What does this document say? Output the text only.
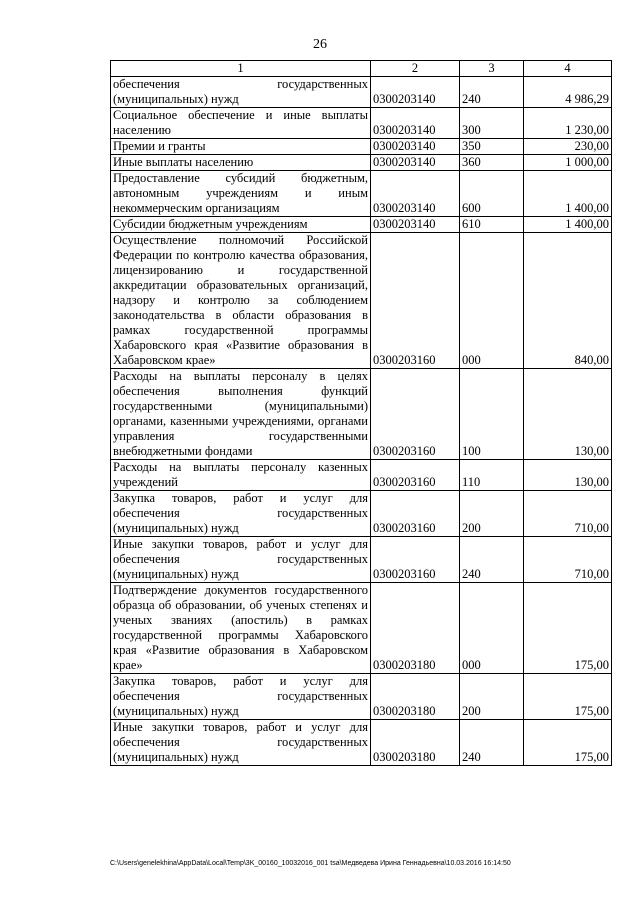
26
1	2	3	4
обеспечения государственных (муниципальных) нужд	0300203140	240	4 986,29
Социальное обеспечение и иные выплаты населению	0300203140	300	1 230,00
Премии и гранты	0300203140	350	230,00
Иные выплаты населению	0300203140	360	1 000,00
Предоставление субсидий бюджетным, автономным учреждениям и иным некоммерческим организациям	0300203140	600	1 400,00
Субсидии бюджетным учреждениям	0300203140	610	1 400,00
Осуществление полномочий Российской Федерации по контролю качества образования, лицензированию и государственной аккредитации образовательных организаций, надзору и контролю за соблюдением законодательства в области образования в рамках государственной программы Хабаровского края «Развитие образования в Хабаровском крае»	0300203160	000	840,00
Расходы на выплаты персоналу в целях обеспечения выполнения функций государственными (муниципальными) органами, казенными учреждениями, органами управления государственными внебюджетными фондами	0300203160	100	130,00
Расходы на выплаты персоналу казенных учреждений	0300203160	110	130,00
Закупка товаров, работ и услуг для обеспечения государственных (муниципальных) нужд	0300203160	200	710,00
Иные закупки товаров, работ и услуг для обеспечения государственных (муниципальных) нужд	0300203160	240	710,00
Подтверждение документов государственного образца об образовании, об ученых степенях и ученых званиях (апостиль) в рамках государственной программы Хабаровского края «Развитие образования в Хабаровском крае»	0300203180	000	175,00
Закупка товаров, работ и услуг для обеспечения государственных (муниципальных) нужд	0300203180	200	175,00
Иные закупки товаров, работ и услуг для обеспечения государственных (муниципальных) нужд	0300203180	240	175,00
C:\Users\genelekhina\AppData\Local\Temp\3K_00160_10032016_001 tsa\Медведева Ирина Геннадьевна\10.03.2016 16:14:50
